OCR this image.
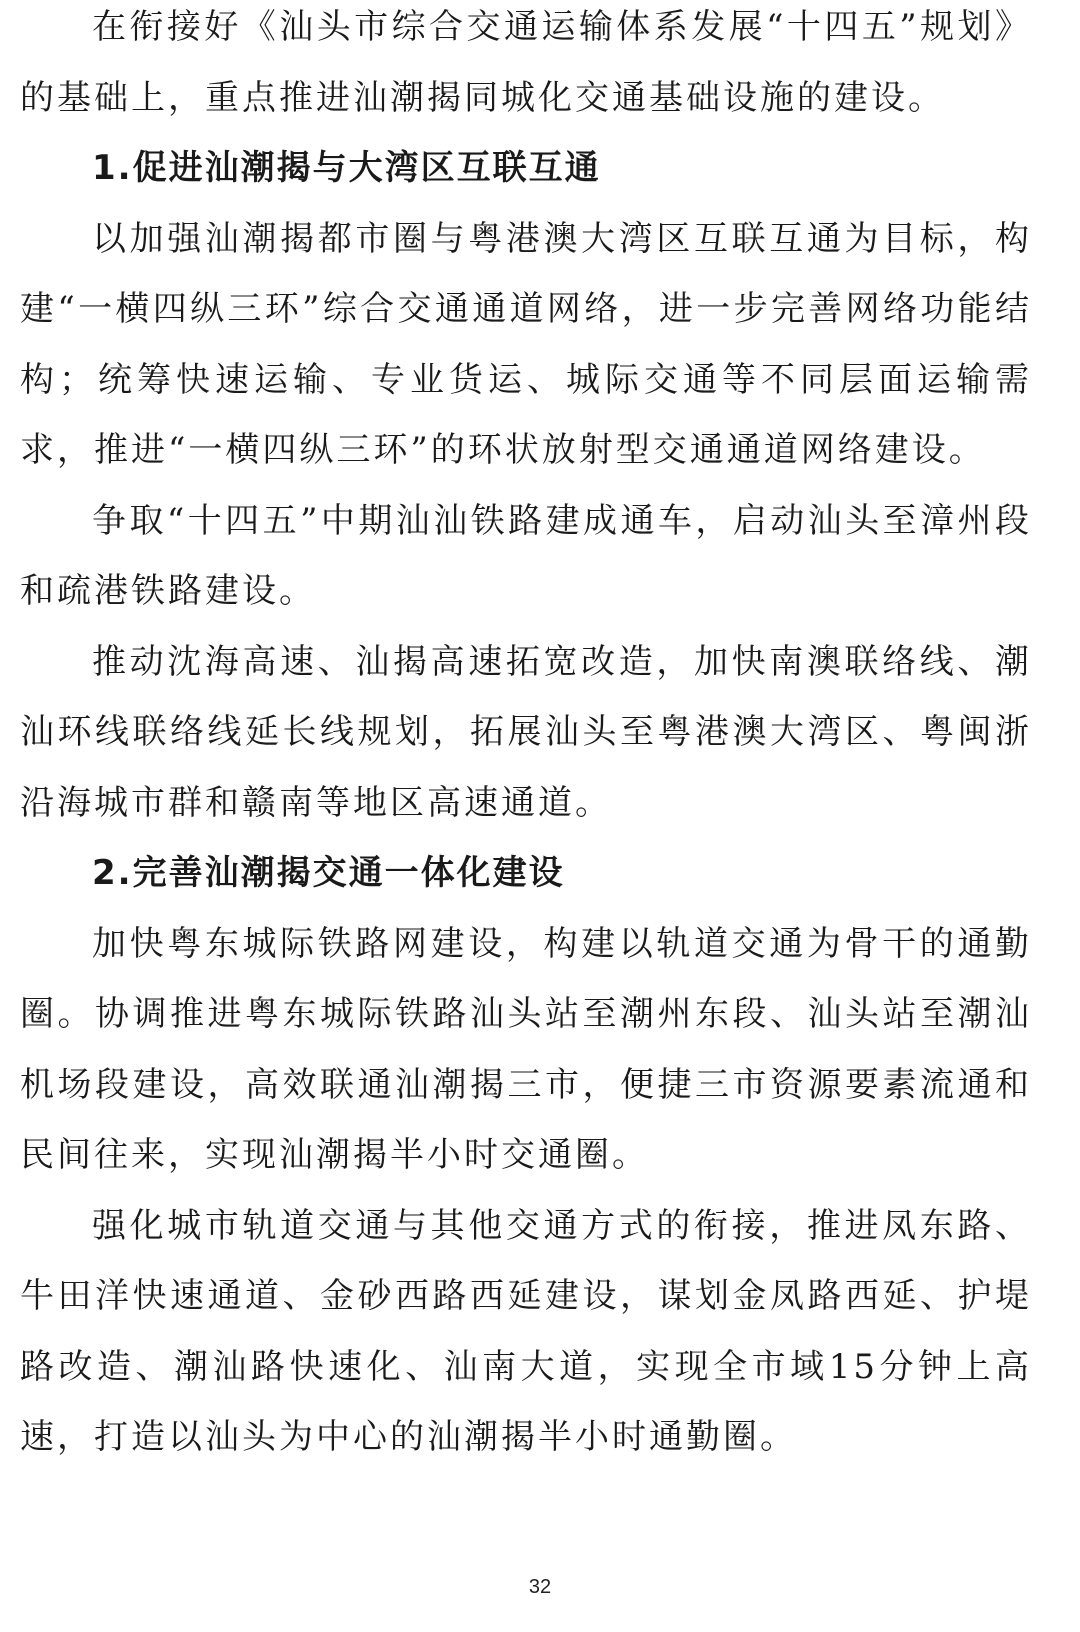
在衔接好《汕头市综合交通运输体系发展“十四五”规划》的基础上，重点推进汕潮揭同城化交通基础设施的建设。

1.促进汕潮揭与大湾区互联互通

以加强汕潮揭都市圈与粤港澳大湾区互联互通为目标，构建“一横四纵三环”综合交通通道网络，进一步完善网络功能结构；统筹快速运输、专业货运、城际交通等不同层面运输需求，推进“一横四纵三环”的环状放射型交通通道网络建设。

争取“十四五”中期汕汕铁路建成通车，启动汕头至漳州段和疏港铁路建设。

推动沈海高速、汕揭高速拓宽改造，加快南澳联络线、潮汕环线联络线延长线规划，拓展汕头至粤港澳大湾区、粤闽浙沿海城市群和赣南等地区高速通道。

2.完善汕潮揭交通一体化建设

加快粤东城际铁路网建设，构建以轨道交通为骨干的通勤圈。协调推进粤东城际铁路汕头站至潮州东段、汕头站至潮汕机场段建设，高效联通汕潮揭三市，便捷三市资源要素流通和民间往来，实现汕潮揭半小时交通圈。

强化城市轨道交通与其他交通方式的衔接，推进凤东路、牛田洋快速通道、金砂西路西延建设，谋划金凤路西延、护堤路改造、潮汕路快速化、汕南大道，实现全市域15分钟上高速，打造以汕头为中心的汕潮揭半小时通勤圈。

32
